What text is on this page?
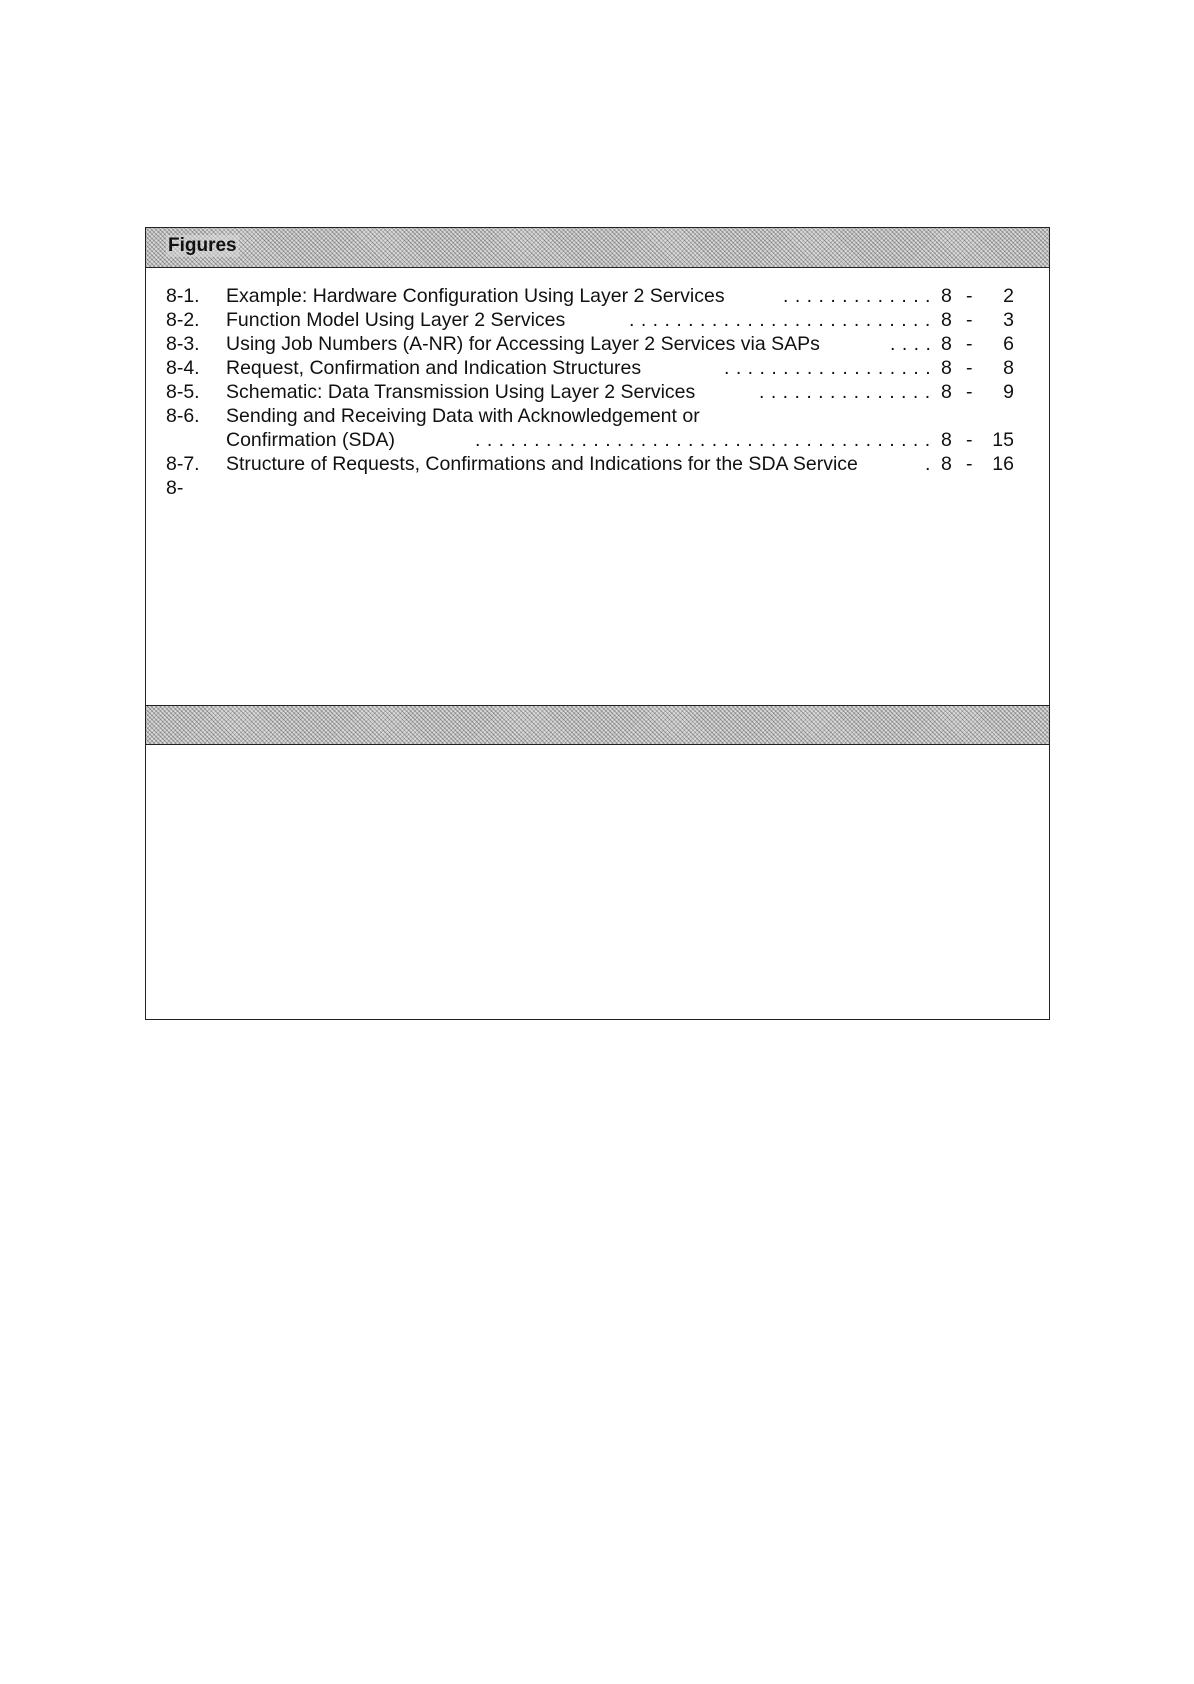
Figures
8-1. Example: Hardware Configuration Using Layer 2 Services	8 -	2
. . . . . . . . . . . . .
8-2. Function Model Using Layer 2 Services	8 -	3
. . . . . . . . . . . . . . . . . . . . . . . . . .
8-3. Using Job Numbers (A-NR) for Accessing Layer 2 Services via SAPs	8 -	6
. . . .
8-4. Request, Confirmation and Indication Structures	8 -	8
. . . . . . . . . . . . . . . . . .
8-5. Schematic: Data Transmission Using Layer 2 Services	8 -	9
. . . . . . . . . . . . . . .
8-6. Sending and Receiving Data with Acknowledgement or
Confirmation (SDA)	8 -	15
. . . . . . . . . . . . . . . . . . . . . . . . . . . . . . . . . . . . . . .
8-7. Structure of Requests, Confirmations and Indications for the SDA Service	8 -	16
.
8-
